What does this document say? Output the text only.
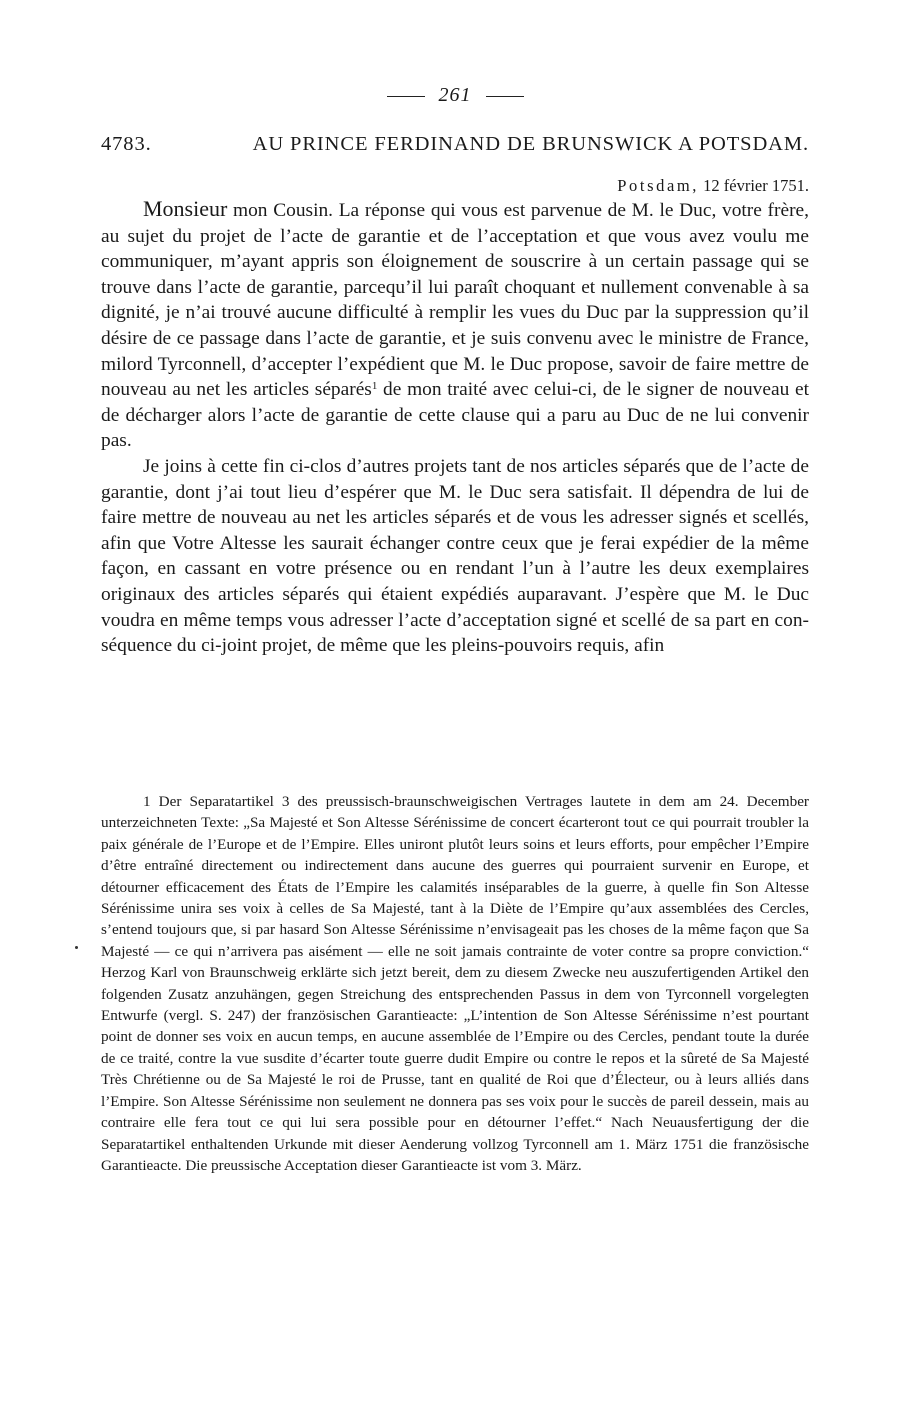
261
4783.	AU PRINCE FERDINAND DE BRUNSWICK A POTSDAM.
Potsdam, 12 février 1751.

Monsieur mon Cousin. La réponse qui vous est parvenue de M. le Duc, votre frère, au sujet du projet de l’acte de garantie et de l’acceptation et que vous avez voulu me communiquer, m’ayant appris son éloignement de souscrire à un certain passage qui se trouve dans l’acte de garantie, parcequ’il lui paraît choquant et nullement convenable à sa dignité, je n’ai trouvé aucune difficulté à remplir les vues du Duc par la suppression qu’il désire de ce passage dans l’acte de garantie, et je suis convenu avec le ministre de France, milord Tyrconnell, d’accepter l’expédient que M. le Duc propose, savoir de faire mettre de nouveau au net les articles séparés$^1$ de mon traité avec celui-ci, de le signer de nouveau et de décharger alors l’acte de garantie de cette clause qui a paru au Duc de ne lui convenir pas.

Je joins à cette fin ci-clos d’autres projets tant de nos articles séparés que de l’acte de garantie, dont j’ai tout lieu d’espérer que M. le Duc sera satisfait. Il dépendra de lui de faire mettre de nouveau au net les articles séparés et de vous les adresser signés et scellés, afin que Votre Altesse les saurait échanger contre ceux que je ferai expédier de la même façon, en cassant en votre présence ou en rendant l’un à l’autre les deux exemplaires originaux des articles séparés qui étaient expédiés auparavant. J’espère que M. le Duc voudra en même temps vous adresser l’acte d’acceptation signé et scellé de sa part en conséquence du ci-joint projet, de même que les pleins-pouvoirs requis, afin

1 Der Separatartikel 3 des preussisch-braunschweigischen Vertrages lautete in dem am 24. December unterzeichneten Texte: „Sa Majesté et Son Altesse Sérénissime de concert écarteront tout ce qui pourrait troubler la paix générale de l’Europe et de l’Empire. Elles uniront plutôt leurs soins et leurs efforts, pour empêcher l’Empire d’être entraîné directement ou indirectement dans aucune des guerres qui pourraient survenir en Europe, et détourner efficacement des États de l’Empire les calamités inséparables de la guerre, à quelle fin Son Altesse Sérénissime unira ses voix à celles de Sa Majesté, tant à la Diète de l’Empire qu’aux assemblées des Cercles, s’entend toujours que, si par hasard Son Altesse Sérénissime n’envisageait pas les choses de la même façon que Sa Majesté — ce qui n’arrivera pas aisément — elle ne soit jamais contrainte de voter contre sa propre conviction.“ Herzog Karl von Braunschweig erklärte sich jetzt bereit, dem zu diesem Zwecke neu auszufertigenden Artikel den folgenden Zusatz anzuhängen, gegen Streichung des entsprechenden Passus in dem von Tyrconnell vorgelegten Entwurfe (vergl. S. 247) der französischen Garantieacte: „L’intention de Son Altesse Sérénissime n’est pourtant point de donner ses voix en aucun temps, en aucune assemblée de l’Empire ou des Cercles, pendant toute la durée de ce traité, contre la vue susdite d’écarter toute guerre dudit Empire ou contre le repos et la sûreté de Sa Majesté Très Chrétienne ou de Sa Majesté le roi de Prusse, tant en qualité de Roi que d’Électeur, ou à leurs alliés dans l’Empire. Son Altesse Sérénissime non seulement ne donnera pas ses voix pour le succès de pareil dessein, mais au contraire elle fera tout ce qui lui sera possible pour en détourner l’effet.“ Nach Neuausfertigung der die Separatartikel enthaltenden Urkunde mit dieser Aenderung vollzog Tyrconnell am 1. März 1751 die französische Garantieacte. Die preussische Acceptation dieser Garantieacte ist vom 3. März.
